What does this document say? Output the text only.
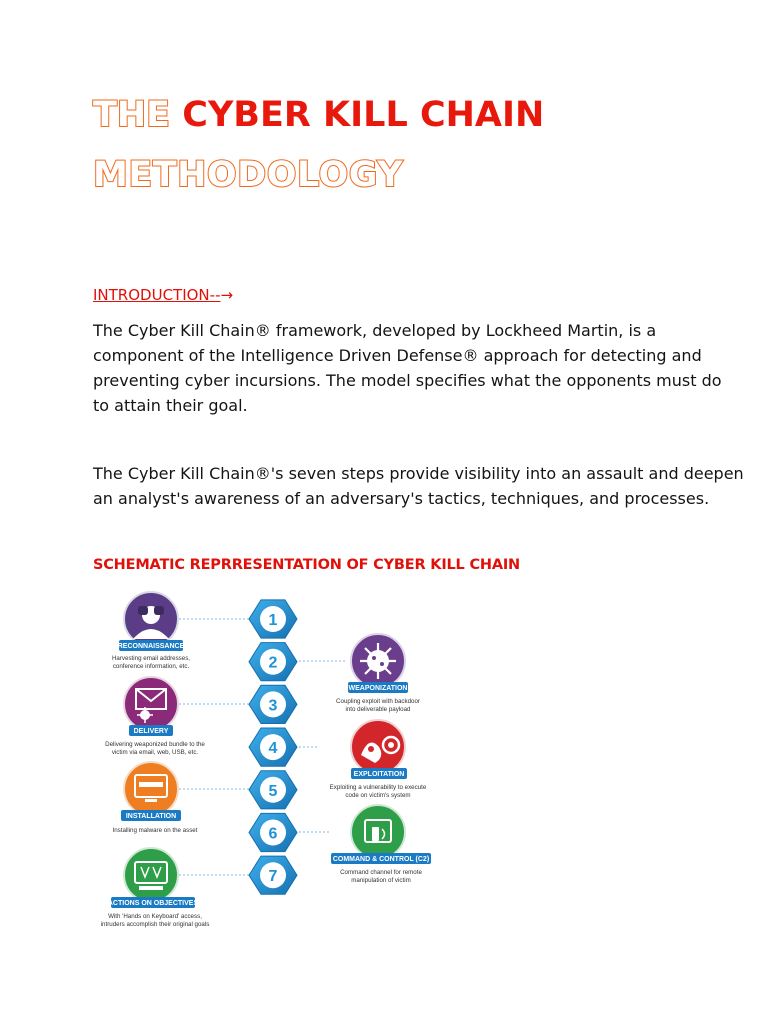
THE CYBER KILL CHAIN
METHODOLOGY
INTRODUCTION--→

The Cyber Kill Chain® framework, developed by Lockheed Martin, is a
component of the Intelligence Driven Defense® approach for detecting and
preventing cyber incursions. The model specifies what the opponents must do
to attain their goal.

The Cyber Kill Chain®'s seven steps provide visibility into an assault and deepen
an analyst's awareness of an adversary's tactics, techniques, and processes.

SCHEMATIC REPRRESENTATION OF CYBER KILL CHAIN
1
2
3
4
5
6
7
RECONNAISSANCE
WEAPONIZATION
DELIVERY
EXPLOITATION
INSTALLATION
COMMAND & CONTROL (C2)
ACTIONS ON OBJECTIVES
Harvesting email addresses,
conference information, etc.
Coupling exploit with backdoor
into deliverable payload
Delivering weaponized bundle to the
victim via email, web, USB, etc.
Exploiting a vulnerability to execute
code on victim's system
Installing malware on the asset
Command channel for remote
manipulation of victim
With 'Hands on Keyboard' access,
intruders accomplish their original goals
